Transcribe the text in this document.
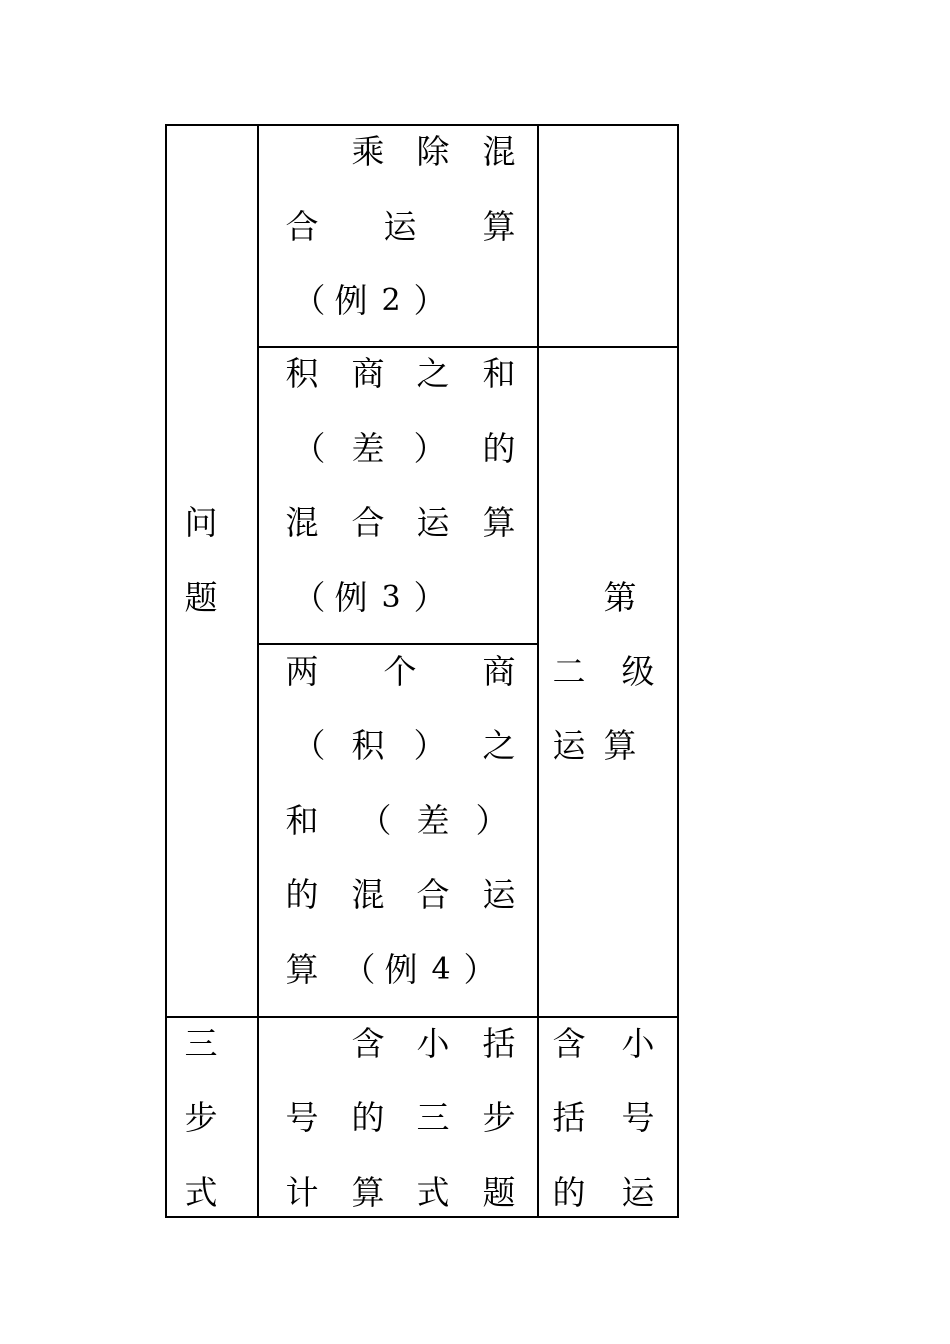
乘 除 混
合 运 算
（ 例 2 ）
问
题
积 商 之 和
（ 差 ） 的
混 合 运 算
（ 例 3 ）	第
二 级
运 算
两 个 商
（ 积 ） 之
和 （ 差 ）
的 混 合 运
算 （ 例 4 ）
三
步
式
含 小 括
号 的 三 步
计 算 式 题
含 小
括 号
的 运
